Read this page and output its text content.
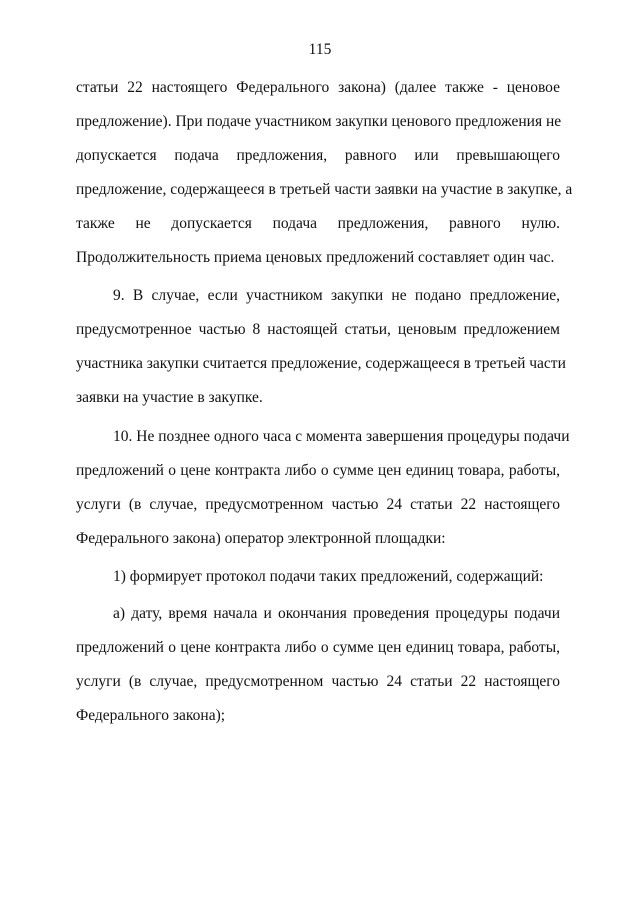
115
статьи 22 настоящего Федерального закона) (далее также - ценовое
предложение). При подаче участником закупки ценового предложения не
допускается подача предложения, равного или превышающего
предложение, содержащееся в третьей части заявки на участие в закупке, а
также не допускается подача предложения, равного нулю.
Продолжительность приема ценовых предложений составляет один час.
9. В случае, если участником закупки не подано предложение,
предусмотренное частью 8 настоящей статьи, ценовым предложением
участника закупки считается предложение, содержащееся в третьей части
заявки на участие в закупке.
10. Не позднее одного часа с момента завершения процедуры подачи
предложений о цене контракта либо о сумме цен единиц товара, работы,
услуги (в случае, предусмотренном частью 24 статьи 22 настоящего
Федерального закона) оператор электронной площадки:
1) формирует протокол подачи таких предложений, содержащий:
а) дату, время начала и окончания проведения процедуры подачи
предложений о цене контракта либо о сумме цен единиц товара, работы,
услуги (в случае, предусмотренном частью 24 статьи 22 настоящего
Федерального закона);
